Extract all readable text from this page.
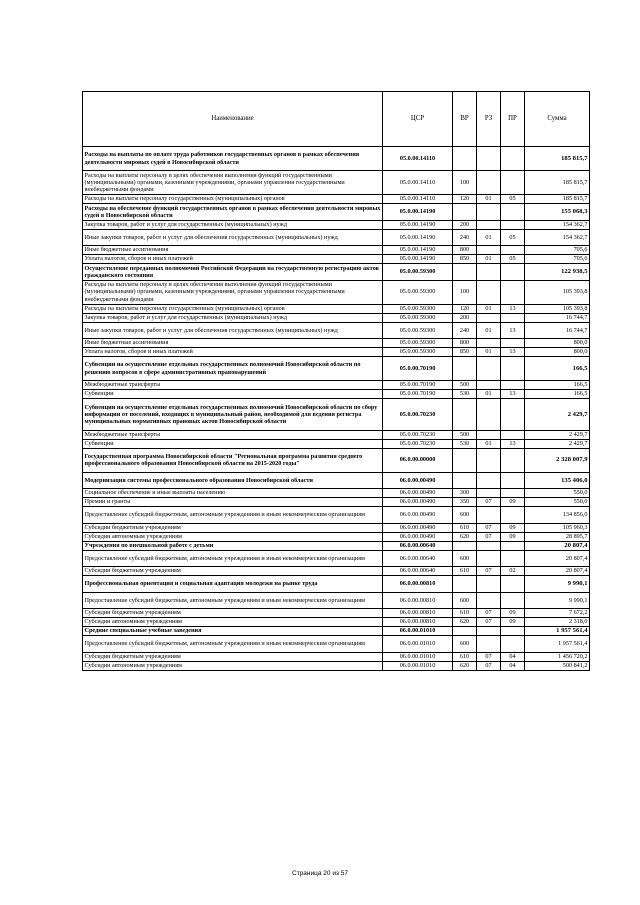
Наименование	ЦСР	ВР	РЗ	ПР	Сумма
Расходы на выплаты по оплате труда работников государственных органов в рамках обеспечения деятельности мировых судей в Новосибирской области	05.0.00.14110				185 815,7
Расходы на выплаты персоналу в целях обеспечения выполнения функций государственными (муниципальными) органами, казенными учреждениями, органами управления государственными внебюджетными фондами	05.0.00.14110	100			185 815,7
Расходы на выплаты персоналу государственных (муниципальных) органов	05.0.00.14110	120	01	05	185 815,7
Расходы на обеспечение функций государственных органов в рамках обеспечения деятельности мировых судей в Новосибирской области	05.0.00.14190				155 068,3
Закупка товаров, работ и услуг для государственных (муниципальных) нужд	05.0.00.14190	200			154 362,7
Иные закупки товаров, работ и услуг для обеспечения государственных (муниципальных) нужд	05.0.00.14190	240	01	05	154 362,7
Иные бюджетные ассигнования	05.0.00.14190	800			705,6
Уплата налогов, сборов и иных платежей	05.0.00.14190	850	01	05	705,6
Осуществление переданных полномочий Российской Федерации на государственную регистрацию актов гражданского состояния	05.0.00.59300				122 938,5
Расходы на выплаты персоналу в целях обеспечения выполнения функций государственными (муниципальными) органами, казенными учреждениями, органами управления государственными внебюджетными фондами	05.0.00.59300	100			105 393,8
Расходы на выплаты персоналу государственных (муниципальных) органов	05.0.00.59300	120	01	13	105 393,8
Закупка товаров, работ и услуг для государственных (муниципальных) нужд	05.0.00.59300	200			16 744,7
Иные закупки товаров, работ и услуг для обеспечения государственных (муниципальных) нужд	05.0.00.59300	240	01	13	16 744,7
Иные бюджетные ассигнования	05.0.00.59300	800			800,0
Уплата налогов, сборов и иных платежей	05.0.00.59300	850	01	13	800,0
Субвенции на осуществление отдельных государственных полномочий Новосибирской области по решению вопросов в сфере административных правонарушений	05.0.00.70190				166,5
Межбюджетные трансферты	05.0.00.70190	500			166,5
Субвенции	05.0.00.70190	530	01	13	166,5
Субвенции на осуществление отдельных государственных полномочий Новосибирской области по сбору информации от поселений, входящих в муниципальный район, необходимой для ведения регистра муниципальных нормативных правовых актов Новосибирской области	05.0.00.70230				2 429,7
Межбюджетные трансферты	05.0.00.70230	500			2 429,7
Субвенции	05.0.00.70230	530	01	13	2 429,7
Государственная программа Новосибирской области "Региональная программа развития среднего профессионального образования Новосибирской области на 2015-2020 годы"	06.0.00.00000				2 328 007,9
Модернизация системы профессионального образования Новосибирской области	06.0.00.00490				135 406,0
Социальное обеспечение и иные выплаты населению	06.0.00.00490	300			550,0
Премии и гранты	06.0.00.00490	350	07	09	550,0
Предоставление субсидий бюджетным, автономным учреждениям и иным некоммерческим организациям	06.0.00.00490	600			134 856,0
Субсидии бюджетным учреждениям	06.0.00.00490	610	07	09	105 960,3
Субсидии автономным учреждениям	06.0.00.00490	620	07	09	28 895,7
Учреждения по внешкольной работе с детьми	06.0.00.00640				20 807,4
Предоставление субсидий бюджетным, автономным учреждениям и иным некоммерческим организациям	06.0.00.00640	600			20 807,4
Субсидии бюджетным учреждениям	06.0.00.00640	610	07	02	20 807,4
Профессиональная ориентация и социальная адаптация молодежи на рынке труда	06.0.00.00810				9 990,1
Предоставление субсидий бюджетным, автономным учреждениям и иным некоммерческим организациям	06.0.00.00810	600			9 990,1
Субсидии бюджетным учреждениям	06.0.00.00810	610	07	09	7 672,2
Субсидии автономным учреждениям	06.0.00.00810	620	07	09	2 318,0
Средние специальные учебные заведения	06.0.00.01010				1 957 561,4
Предоставление субсидий бюджетным, автономным учреждениям и иным некоммерческим организациям	06.0.00.01010	600			1 957 561,4
Субсидии бюджетным учреждениям	06.0.00.01010	610	07	04	1 456 720,2
Субсидии автономным учреждениям	06.0.00.01010	620	07	04	500 841,2
Страница 20 из 57
